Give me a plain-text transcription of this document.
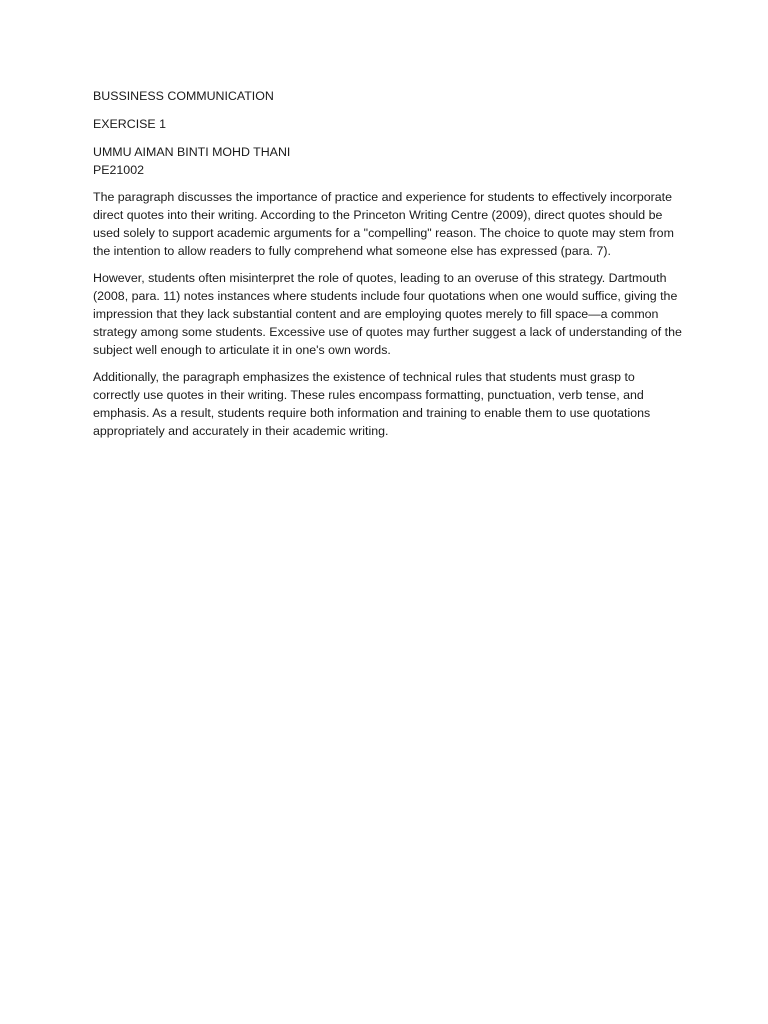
BUSSINESS COMMUNICATION
EXERCISE 1
UMMU AIMAN BINTI MOHD THANI
PE21002

The paragraph discusses the importance of practice and experience for students to effectively incorporate direct quotes into their writing. According to the Princeton Writing Centre (2009), direct quotes should be used solely to support academic arguments for a "compelling" reason. The choice to quote may stem from the intention to allow readers to fully comprehend what someone else has expressed (para. 7).

However, students often misinterpret the role of quotes, leading to an overuse of this strategy. Dartmouth (2008, para. 11) notes instances where students include four quotations when one would suffice, giving the impression that they lack substantial content and are employing quotes merely to fill space—a common strategy among some students. Excessive use of quotes may further suggest a lack of understanding of the subject well enough to articulate it in one's own words.

Additionally, the paragraph emphasizes the existence of technical rules that students must grasp to correctly use quotes in their writing. These rules encompass formatting, punctuation, verb tense, and emphasis. As a result, students require both information and training to enable them to use quotations appropriately and accurately in their academic writing.
